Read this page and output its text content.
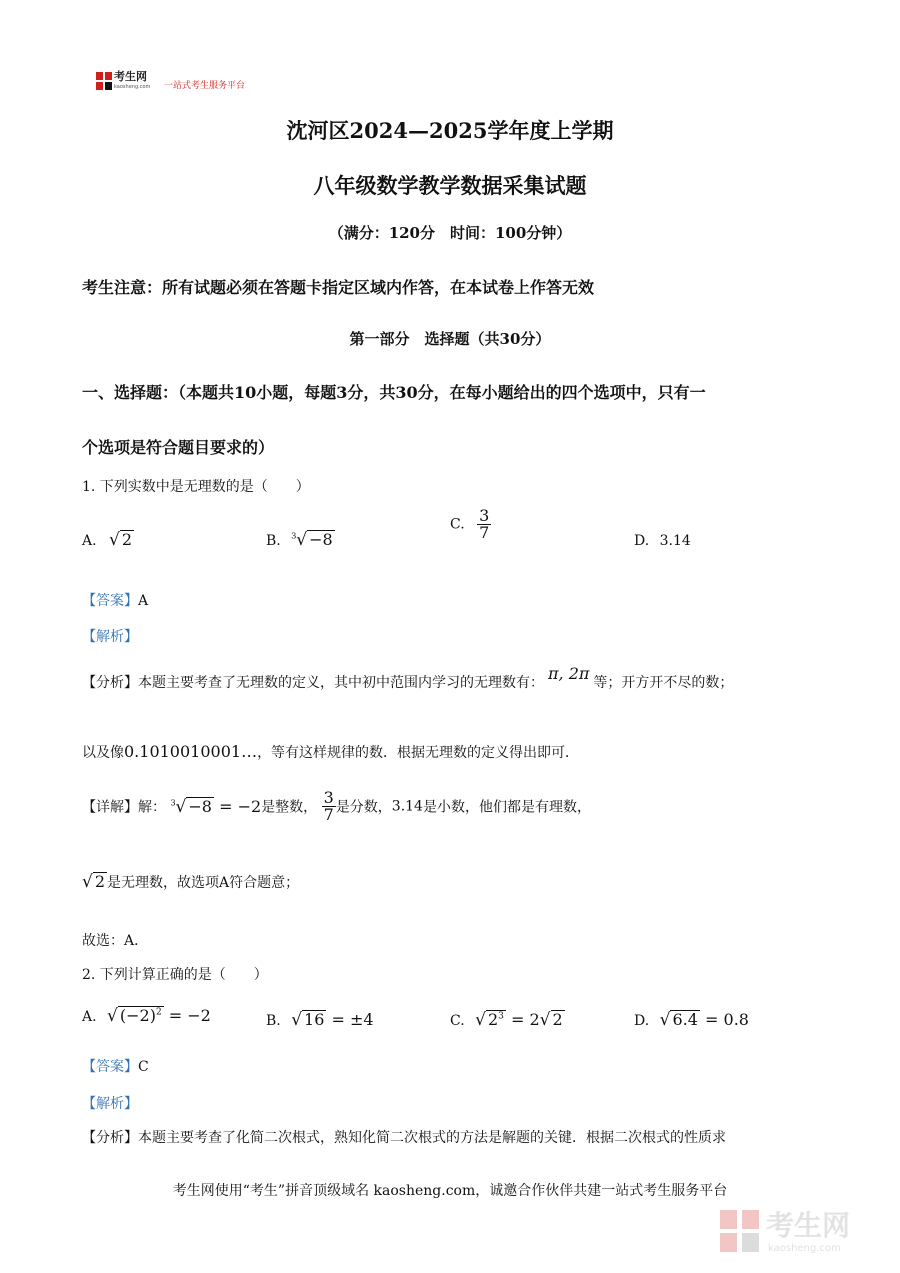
考生网
kaosheng.com 一站式考生服务平台
沈河区2024—2025学年度上学期
八年级数学教学数据采集试题
（满分：120分　时间：100分钟）
考生注意：所有试题必须在答题卡指定区域内作答，在本试卷上作答无效
第一部分　选择题（共30分）
一、选择题：（本题共10小题，每题3分，共30分，在每小题给出的四个选项中，只有一
个选项是符合题目要求的）
1. 下列实数中是无理数的是（　　）
A. √ 2	B. $^3$√ −8
C. $\frac{3}{7}$	D. 3.14
【答案】A
【解析】
【分析】本题主要考查了无理数的定义，其中初中范围内学习的无理数有： π, 2π 等；开方开不尽的数；
以及像0.1010010001…，等有这样规律的数．根据无理数的定义得出即可．
【详解】解： $^3$√ −8 = −2是整数， $\frac{3}{7}$ 是分数，3.14是小数，他们都是有理数，
√ 2 是无理数，故选项A符合题意；
故选：A．
2. 下列计算正确的是（　　）
A. √ $(-2)^2 = -2$	B. √ 16 = ±4	C. √ $2^3 = 2√$ 2	D. √ 6.4 = 0.8
【答案】C
【解析】
【分析】本题主要考查了化简二次根式，熟知化简二次根式的方法是解题的关键．根据二次根式的性质求
考生网使用“考生”拼音顶级域名 kaosheng.com，诚邀合作伙伴共建一站式考生服务平台
考生网
kaosheng.com
